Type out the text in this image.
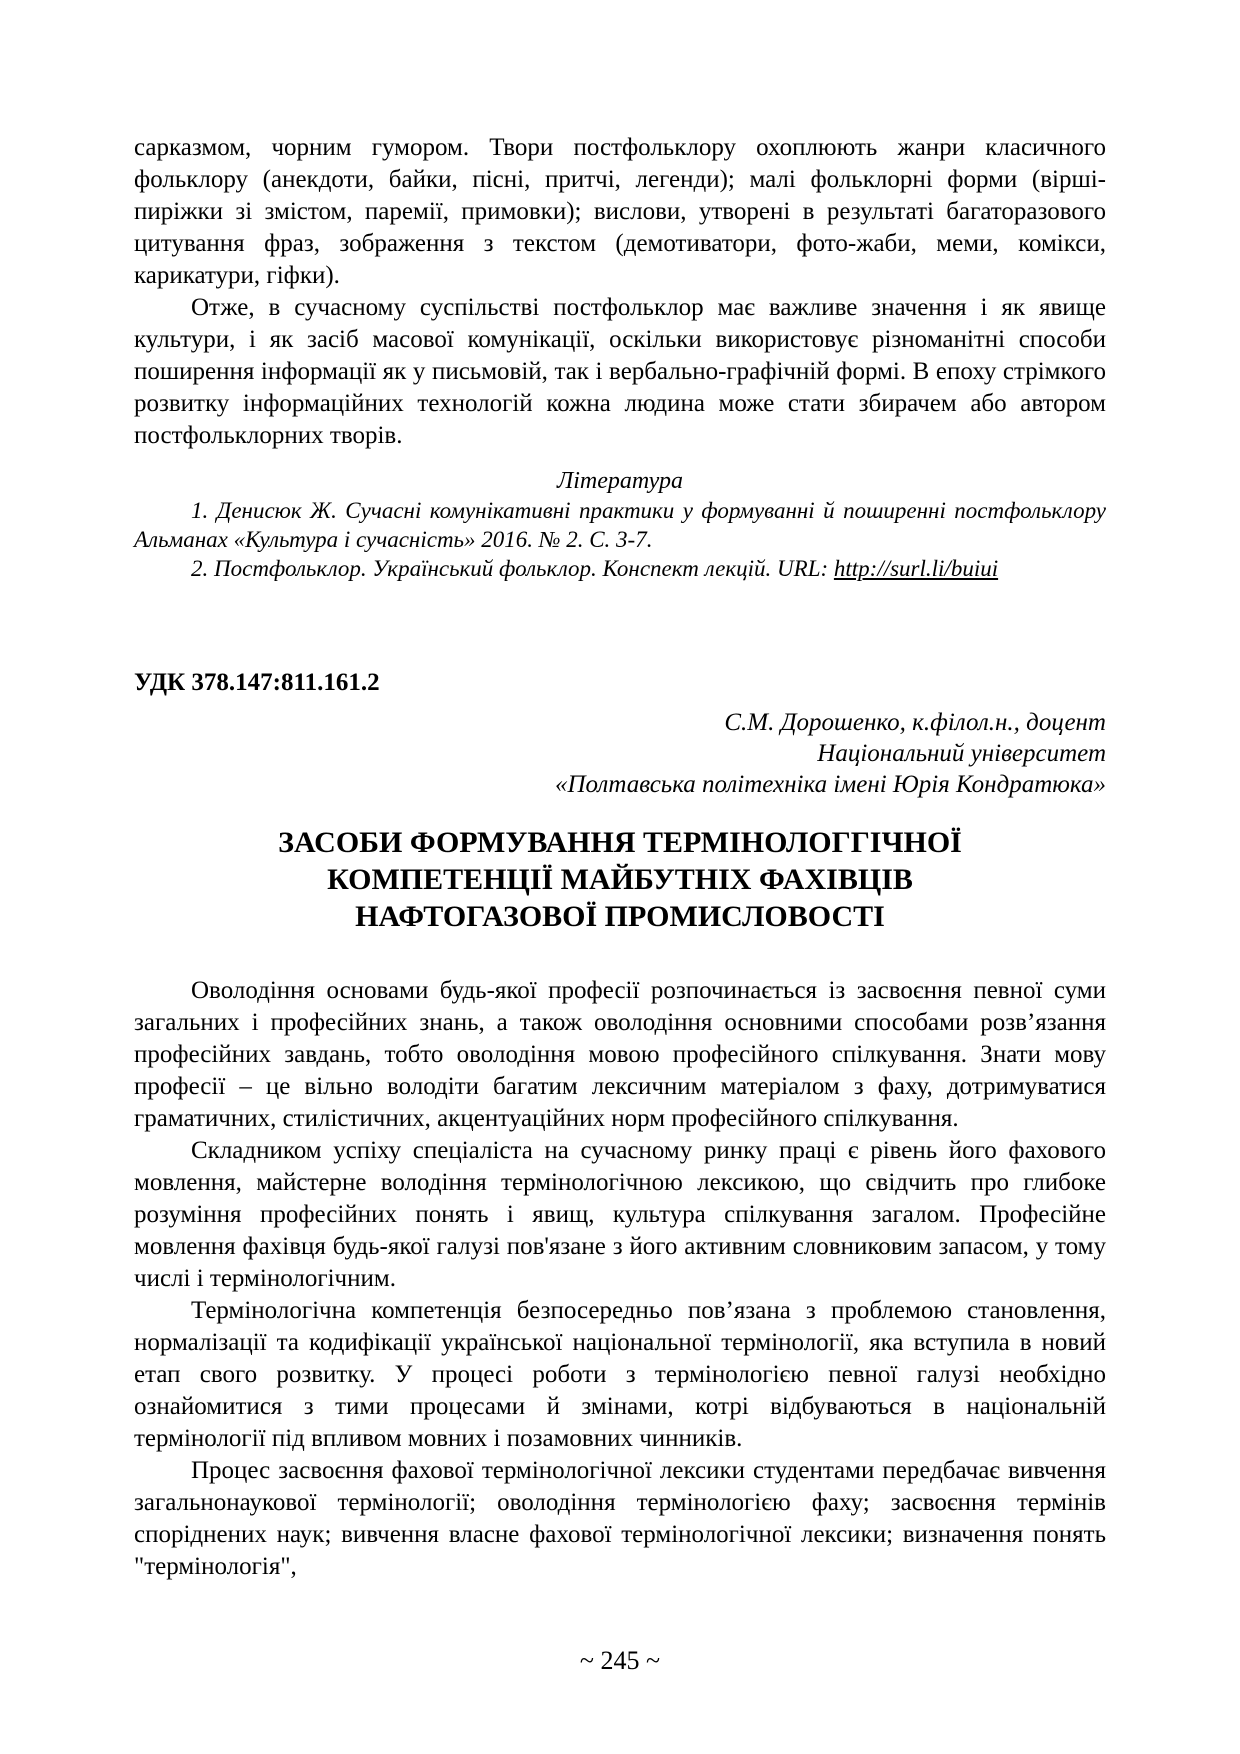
сарказмом, чорним гумором. Твори постфольклору охоплюють жанри класичного фольклору (анекдоти, байки, пісні, притчі, легенди); малі фольклорні форми (вірші-пиріжки зі змістом, паремії, примовки); вислови, утворені в результаті багаторазового цитування фраз, зображення з текстом (демотиватори, фото-жаби, меми, комікси, карикатури, гіфки).

Отже, в сучасному суспільстві постфольклор має важливе значення і як явище культури, і як засіб масової комунікації, оскільки використовує різноманітні способи поширення інформації як у письмовій, так і вербально-графічній формі. В епоху стрімкого розвитку інформаційних технологій кожна людина може стати збирачем або автором постфольклорних творів.

Література

1. Денисюк Ж. Сучасні комунікативні практики у формуванні й поширенні постфольклору Альманах «Культура і сучасність» 2016. № 2. С. 3-7.

2. Постфольклор. Український фольклор. Конспект лекцій. URL: http://surl.li/buiui

УДК 378.147:811.161.2
С.М. Дорошенко, к.філол.н., доцент
Національний університет
«Полтавська політехніка імені Юрія Кондратюка»
ЗАСОБИ ФОРМУВАННЯ ТЕРМІНОЛОГГІЧНОЇ
КОМПЕТЕНЦІЇ МАЙБУТНІХ ФАХІВЦІВ
НАФТОГАЗОВОЇ ПРОМИСЛОВОСТІ

Оволодіння основами будь-якої професії розпочинається із засвоєння певної суми загальних і професійних знань, а також оволодіння основними способами розв’язання професійних завдань, тобто оволодіння мовою професійного спілкування. Знати мову професії – це вільно володіти багатим лексичним матеріалом з фаху, дотримуватися граматичних, стилістичних, акцентуаційних норм професійного спілкування.

Складником успіху спеціаліста на сучасному ринку праці є рівень його фахового мовлення, майстерне володіння термінологічною лексикою, що свідчить про глибоке розуміння професійних понять і явищ, культура спілкування загалом. Професійне мовлення фахівця будь-якої галузі пов'язане з його активним словниковим запасом, у тому числі і термінологічним.

Термінологічна компетенція безпосередньо пов’язана з проблемою становлення, нормалізації та кодифікації української національної термінології, яка вступила в новий етап свого розвитку. У процесі роботи з термінологією певної галузі необхідно ознайомитися з тими процесами й змінами, котрі відбуваються в національній термінології під впливом мовних і позамовних чинників.

Процес засвоєння фахової термінологічної лексики студентами передбачає вивчення загальнонаукової термінології; оволодіння термінологією фаху; засвоєння термінів споріднених наук; вивчення власне фахової термінологічної лексики; визначення понять "термінологія",

~ 245 ~
